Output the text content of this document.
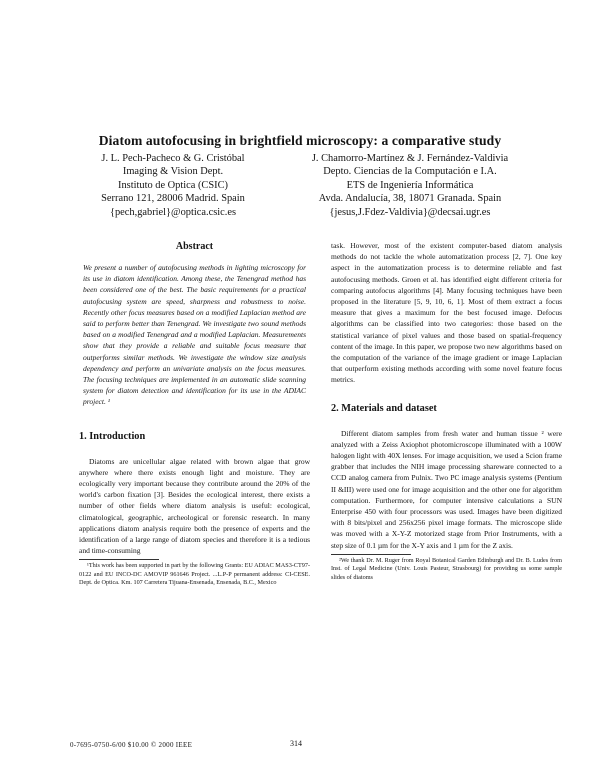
Diatom autofocusing in brightfield microscopy: a comparative study
J. L. Pech-Pacheco & G. Cristóbal
Imaging & Vision Dept.
Instituto de Optica (CSIC)
Serrano 121, 28006 Madrid. Spain
{pech,gabriel}@optica.csic.es
J. Chamorro-Martínez & J. Fernández-Valdivia
Depto. Ciencias de la Computación e I.A.
ETS de Ingeniería Informática
Avda. Andalucía, 38, 18071 Granada. Spain
{jesus,J.Fdez-Valdivia}@decsai.ugr.es
Abstract

We present a number of autofocusing methods in lighting microscopy for its use in diatom identification. Among these, the Tenengrad method has been considered one of the best. The basic requirements for a practical autofocusing system are speed, sharpness and robustness to noise. Recently other focus measures based on a modified Laplacian method are said to perform better than Tenengrad. We investigate two sound methods based on a modified Tenengrad and a modified Laplacian. Measurements show that they provide a reliable and suitable focus measure that outperforms similar methods. We investigate the window size analysis dependency and perform an univariate analysis on the focus measures. The focusing techniques are implemented in an automatic slide scanning system for diatom detection and identification for its use in the ADIAC project. ¹

1. Introduction

Diatoms are unicellular algae related with brown algae that grow anywhere where there exists enough light and moisture. They are ecologically very important because they contribute around the 20% of the world's carbon fixation [3]. Besides the ecological interest, there exists a number of other fields where diatom analysis is useful: ecological, climatological, geographic, archeological or forensic research. In many applications diatom analysis require both the presence of experts and the identification of a large range of diatom species and therefore it is a tedious and time-consuming

¹This work has been supported in part by the following Grants: EU ADIAC MAS3-CT97-0122 and EU INCO-DC AMOVIP 961646 Project. ...L.P-P permanent address: CI-CESE. Dept. de Optica. Km. 107 Carretera Tijuana-Ensenada, Ensenada, B.C., Mexico

task. However, most of the existent computer-based diatom analysis methods do not tackle the whole automatization process [2, 7]. One key aspect in the automatization process is to determine reliable and fast autofocusing methods. Groen et al. has identified eight different criteria for comparing autofocus algorithms [4]. Many focusing techniques have been proposed in the literature [5, 9, 10, 6, 1]. Most of them extract a focus measure that gives a maximum for the best focused image. Defocus algorithms can be classified into two categories: those based on the statistical variance of pixel values and those based on spatial-frequency content of the image. In this paper, we propose two new algorithms based on the computation of the variance of the image gradient or image Laplacian that outperform existing methods according with some novel feature focus metrics.

2. Materials and dataset

Different diatom samples from fresh water and human tissue ² were analyzed with a Zeiss Axiophot photomicroscope illuminated with a 100W halogen light with 40X lenses. For image acquisition, we used a Scion frame grabber that includes the NIH image processing shareware connected to a CCD analog camera from Pulnix. Two PC image analysis systems (Pentium II &III) were used one for image acquisition and the other one for algorithm computation. Furthermore, for computer intensive calculations a SUN Enterprise 450 with four processors was used. Images have been digitized with 8 bits/pixel and 256x256 pixel image formats. The microscope slide was moved with a X-Y-Z motorized stage from Prior Instruments, with a step size of 0.1 µm for the X-Y axis and 1 µm for the Z axis.

²We thank Dr. M. Ruger from Royal Botanical Garden Edinburgh and Dr. B. Ludes from Inst. of Legal Medicine (Univ. Louis Pasteur, Strasbourg) for providing us some sample slides of diatoms

0-7695-0750-6/00 $10.00 © 2000 IEEE	314
